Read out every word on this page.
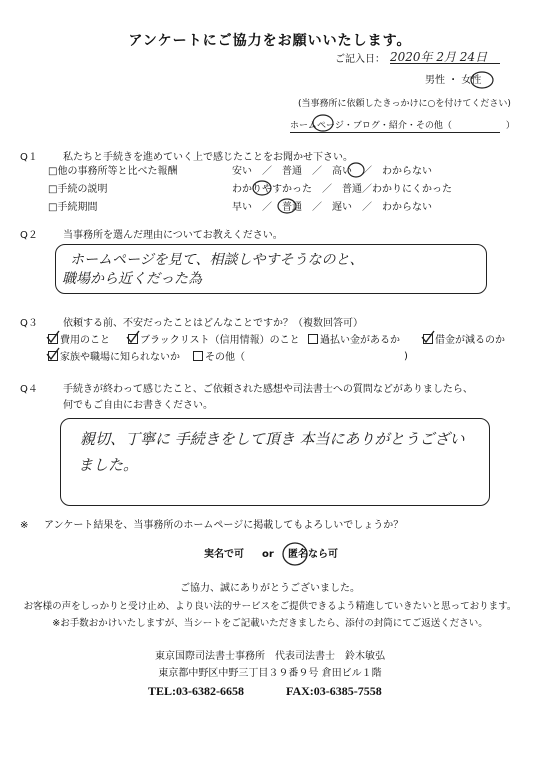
アンケートにご協力をお願いいたします。
ご記入日： 2020年 2月 24日
男性 ・ 女性
(当事務所に依頼したきっかけに○を付けてください)
ホームページ・ブログ・紹介・その他（　　　　　　）
Q１	私たちと手続きを進めていく上で感じたことをお聞かせ下さい。
□他の事務所等と比べた報酬	安い　／　普通　／　高い　／　わからない
□手続の説明	わかりやすかった　／　普通／わかりにくかった
□手続期間	早い　／　普通　／　遅い　／　わからない
Q２	当事務所を選んだ理由についてお教えください。
ホームページを見て、相談しやすそうなのと、
職場から近くだった為
Q３	依頼する前、不安だったことはどんなことですか？（複数回答可）
費用のこと	ブラックリスト（信用情報）のこと	過払い金があるか	借金が減るのか
家族や職場に知られないか	その他（	)
Q４	手続きが終わって感じたこと、ご依頼された感想や司法書士への質問などがありましたら、
何でもご自由にお書きください。
親切、丁寧に 手続きをして頂き 本当にありがとうござい
ました。
※ アンケート結果を、当事務所のホームページに掲載してもよろしいでしょうか？
実名で可 or 匿名なら可
ご協力、誠にありがとうございました。
お客様の声をしっかりと受け止め、より良い法的サービスをご提供できるよう精進していきたいと思っております。
※お手数おかけいたしますが、当シートをご記載いただきましたら、添付の封筒にてご返送ください。
東京国際司法書士事務所　代表司法書士　鈴木敏弘
東京都中野区中野三丁目３９番９号 倉田ビル１階
TEL:03-6382-6658	FAX:03-6385-7558
